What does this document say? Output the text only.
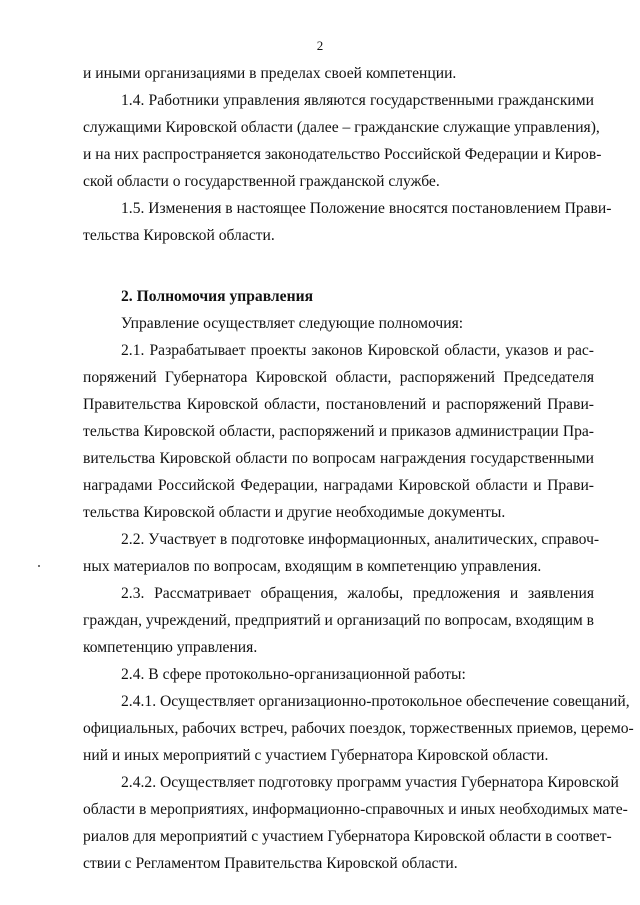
2
и иными организациями в пределах своей компетенции.
1.4. Работники управления являются государственными гражданскими
служащими Кировской области (далее – гражданские служащие управления),
и на них распространяется законодательство Российской Федерации и Киров-
ской области о государственной гражданской службе.
1.5. Изменения в настоящее Положение вносятся постановлением Прави-
тельства Кировской области.
2. Полномочия управления
Управление осуществляет следующие полномочия:
2.1. Разрабатывает проекты законов Кировской области, указов и рас-
поряжений Губернатора Кировской области, распоряжений Председателя
Правительства Кировской области, постановлений и распоряжений Прави-
тельства Кировской области, распоряжений и приказов администрации Пра-
вительства Кировской области по вопросам награждения государственными
наградами Российской Федерации, наградами Кировской области и Прави-
тельства Кировской области и другие необходимые документы.
2.2. Участвует в подготовке информационных, аналитических, справоч-
ных материалов по вопросам, входящим в компетенцию управления.
2.3. Рассматривает обращения, жалобы, предложения и заявления
граждан, учреждений, предприятий и организаций по вопросам, входящим в
компетенцию управления.
2.4. В сфере протокольно-организационной работы:
2.4.1. Осуществляет организационно-протокольное обеспечение совещаний,
официальных, рабочих встреч, рабочих поездок, торжественных приемов, церемо-
ний и иных мероприятий с участием Губернатора Кировской области.
2.4.2. Осуществляет подготовку программ участия Губернатора Кировской
области в мероприятиях, информационно-справочных и иных необходимых мате-
риалов для мероприятий с участием Губернатора Кировской области в соответ-
ствии с Регламентом Правительства Кировской области.
